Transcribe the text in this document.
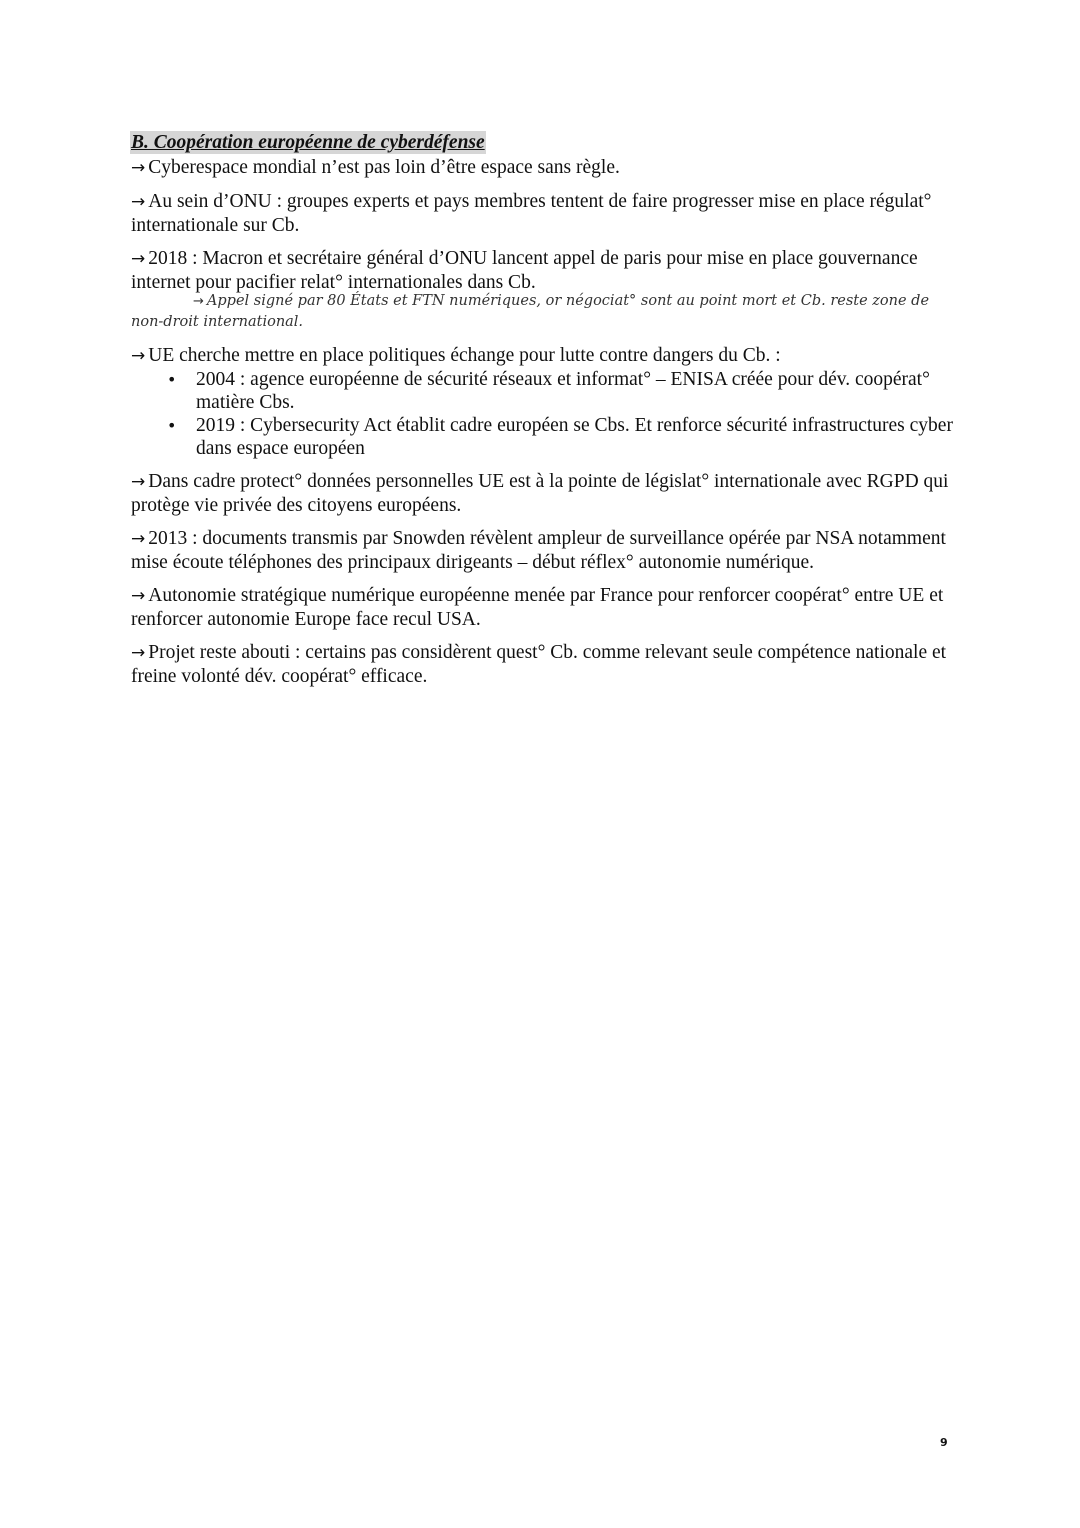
B. Coopération européenne de cyberdéfense
→ Cyberespace mondial n’est pas loin d’être espace sans règle.
→ Au sein d’ONU : groupes experts et pays membres tentent de faire progresser mise en place régulat° internationale sur Cb.
→ 2018 : Macron et secrétaire général d’ONU lancent appel de paris pour mise en place gouvernance internet pour pacifier relat° internationales dans Cb.
→ Appel signé par 80 États et FTN numériques, or négociat° sont au point mort et Cb. reste zone de non-droit international.
→ UE cherche mettre en place politiques échange pour lutte contre dangers du Cb. :
• 2004 : agence européenne de sécurité réseaux et informat° – ENISA créée pour dév. coopérat° matière Cbs.
• 2019 : Cybersecurity Act établit cadre européen se Cbs. Et renforce sécurité infrastructures cyber dans espace européen
→ Dans cadre protect° données personnelles UE est à la pointe de législat° internationale avec RGPD qui protège vie privée des citoyens européens.
→ 2013 : documents transmis par Snowden révèlent ampleur de surveillance opérée par NSA notamment mise écoute téléphones des principaux dirigeants – début réflex° autonomie numérique.
→ Autonomie stratégique numérique européenne menée par France pour renforcer coopérat° entre UE et renforcer autonomie Europe face recul USA.
→ Projet reste abouti : certains pas considèrent quest° Cb. comme relevant seule compétence nationale et freine volonté dév. coopérat° efficace.
9
